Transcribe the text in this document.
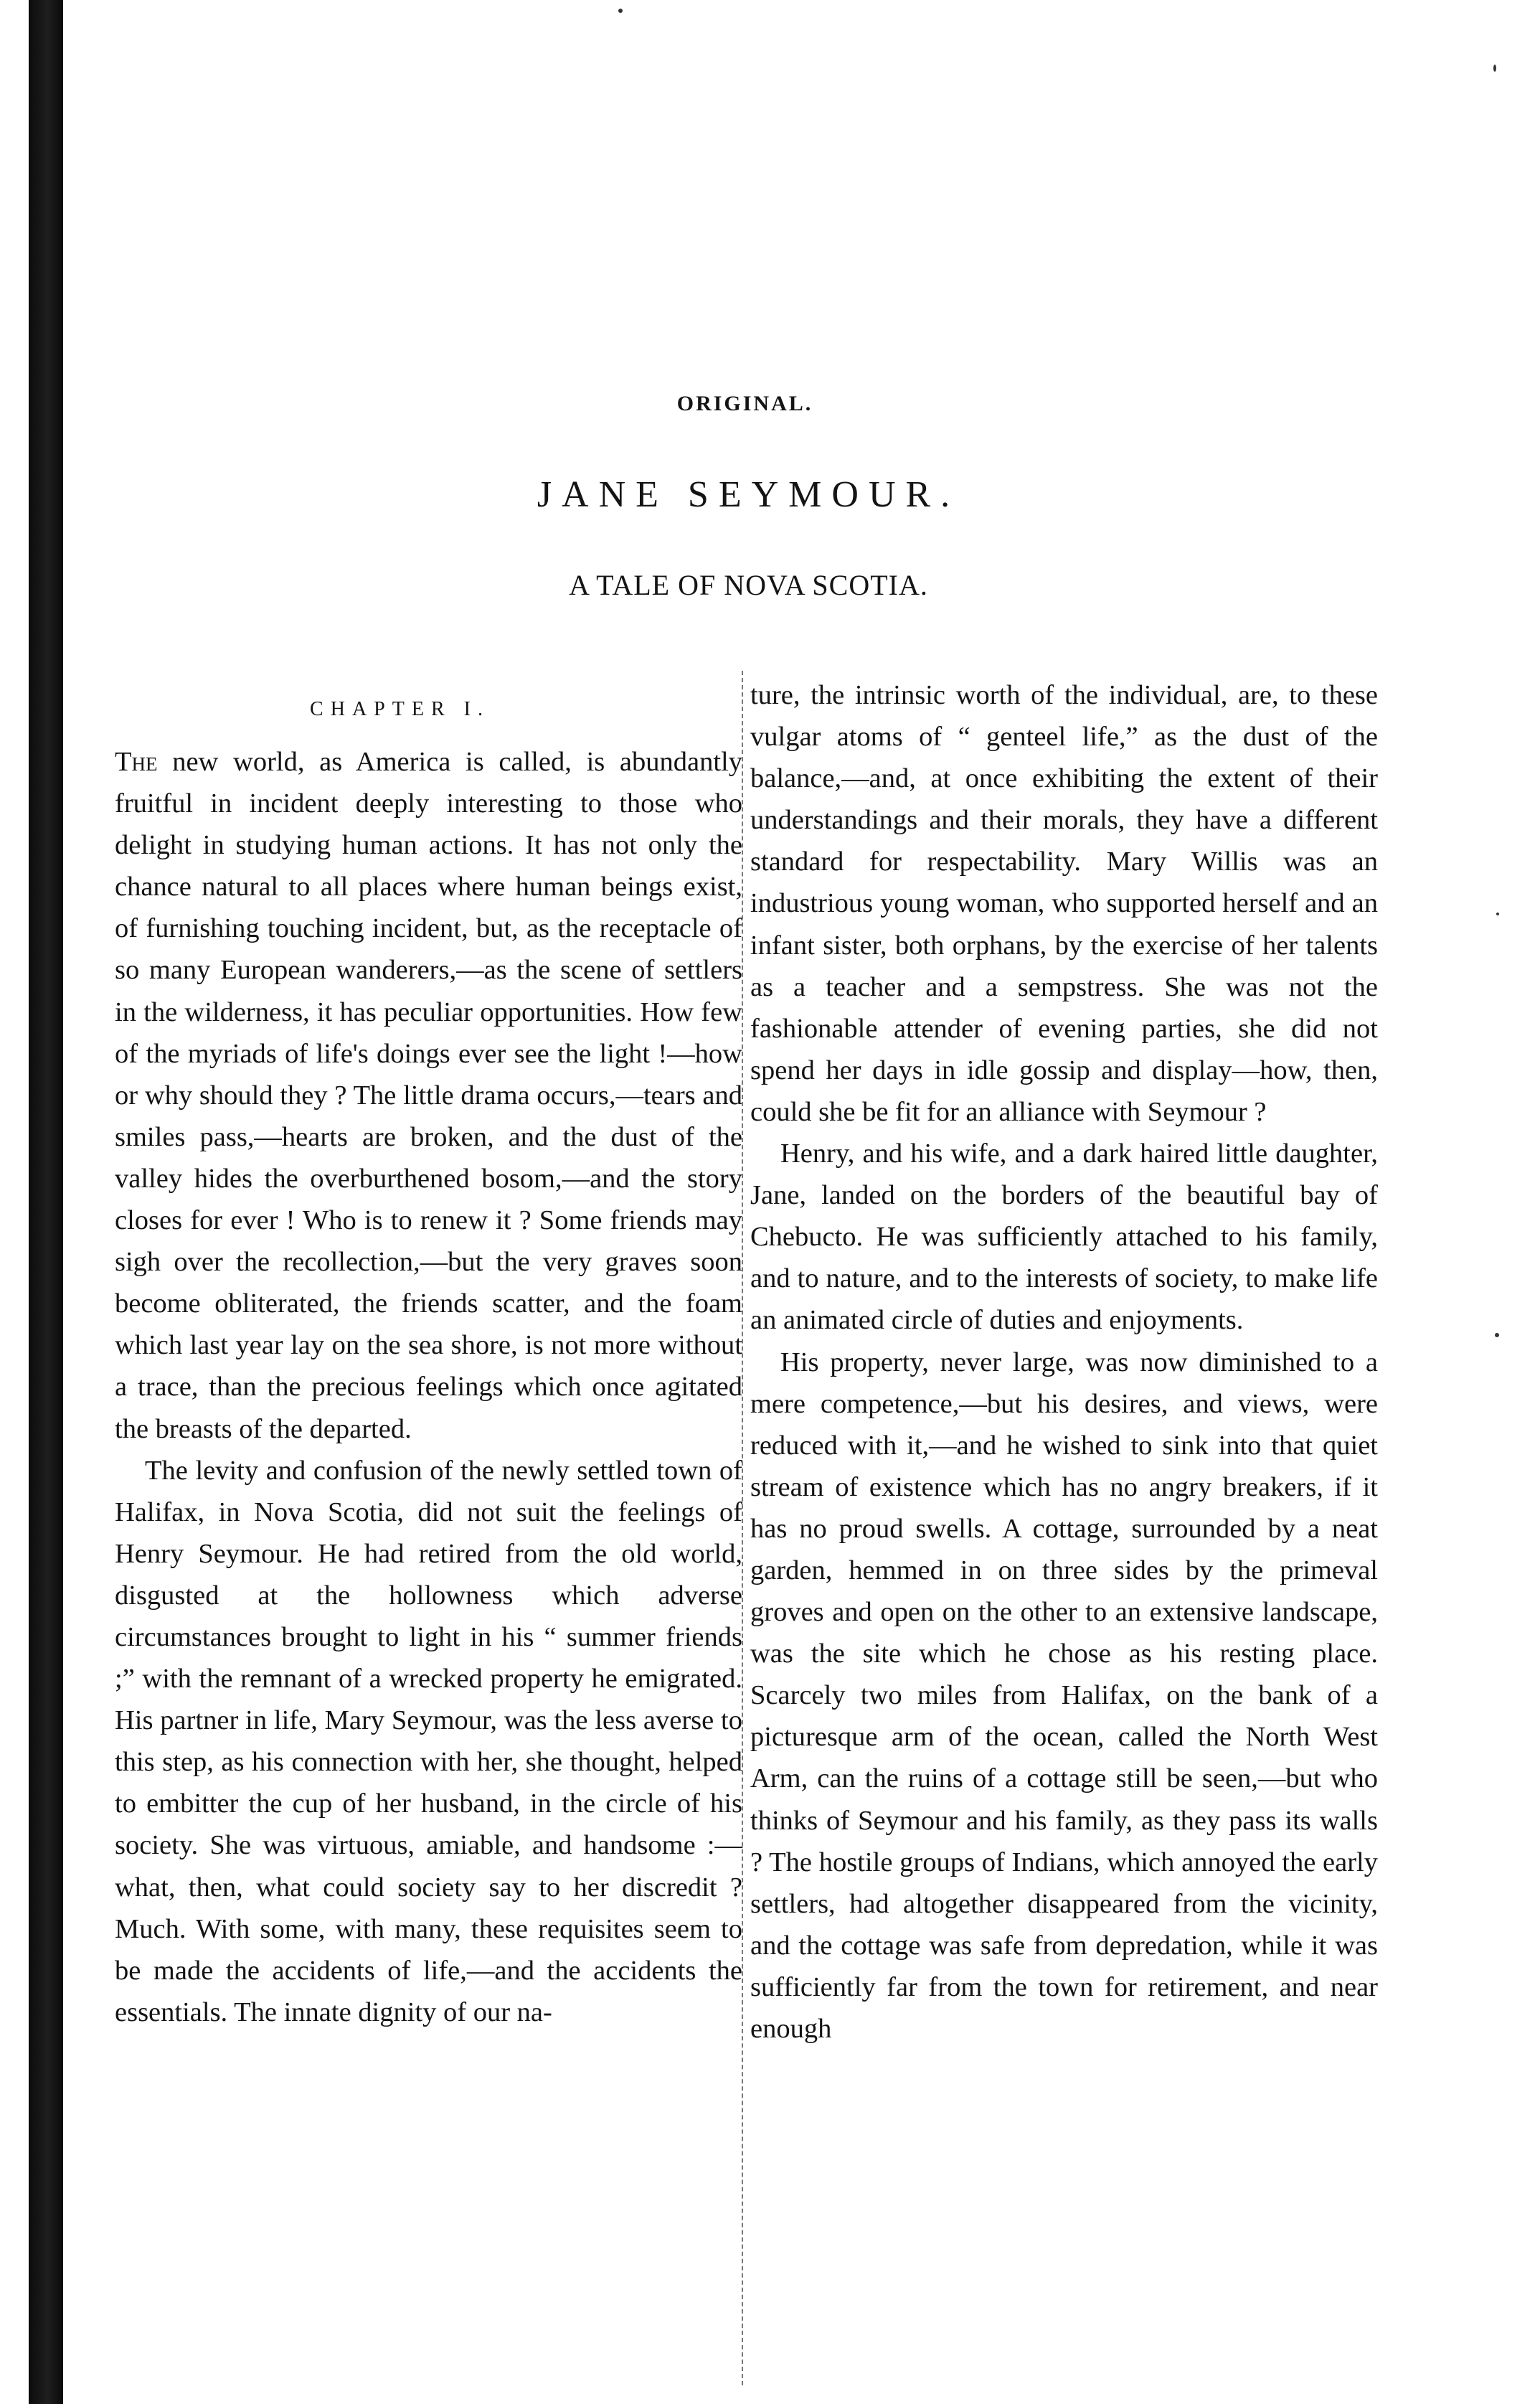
ORIGINAL.
JANE SEYMOUR.
A TALE OF NOVA SCOTIA.
CHAPTER I.

The new world, as America is called, is abundantly fruitful in incident deeply interesting to those who delight in studying human actions. It has not only the chance natural to all places where human beings exist, of furnishing touching incident, but, as the receptacle of so many European wanderers,—as the scene of settlers in the wilderness, it has peculiar opportunities. How few of the myriads of life's doings ever see the light !—how or why should they ? The little drama occurs,—tears and smiles pass,—hearts are broken, and the dust of the valley hides the overburthened bosom,—and the story closes for ever ! Who is to renew it ? Some friends may sigh over the recollection,—but the very graves soon become obliterated, the friends scatter, and the foam which last year lay on the sea shore, is not more without a trace, than the precious feelings which once agitated the breasts of the departed.

The levity and confusion of the newly settled town of Halifax, in Nova Scotia, did not suit the feelings of Henry Seymour. He had retired from the old world, disgusted at the hollowness which adverse circumstances brought to light in his “ summer friends ;” with the remnant of a wrecked property he emigrated. His partner in life, Mary Seymour, was the less averse to this step, as his connection with her, she thought, helped to embitter the cup of her husband, in the circle of his society. She was virtuous, amiable, and handsome :—what, then, what could society say to her discredit ? Much. With some, with many, these requisites seem to be made the accidents of life,—and the accidents the essentials. The innate dignity of our na-

ture, the intrinsic worth of the individual, are, to these vulgar atoms of “ genteel life,” as the dust of the balance,—and, at once exhibiting the extent of their understandings and their morals, they have a different standard for respectability. Mary Willis was an industrious young woman, who supported herself and an infant sister, both orphans, by the exercise of her talents as a teacher and a sempstress. She was not the fashionable attender of evening parties, she did not spend her days in idle gossip and display—how, then, could she be fit for an alliance with Seymour ?

Henry, and his wife, and a dark haired little daughter, Jane, landed on the borders of the beautiful bay of Chebucto. He was sufficiently attached to his family, and to nature, and to the interests of society, to make life an animated circle of duties and enjoyments.

His property, never large, was now diminished to a mere competence,—but his desires, and views, were reduced with it,—and he wished to sink into that quiet stream of existence which has no angry breakers, if it has no proud swells. A cottage, surrounded by a neat garden, hemmed in on three sides by the primeval groves and open on the other to an extensive landscape, was the site which he chose as his resting place. Scarcely two miles from Halifax, on the bank of a picturesque arm of the ocean, called the North West Arm, can the ruins of a cottage still be seen,—but who thinks of Seymour and his family, as they pass its walls ? The hostile groups of Indians, which annoyed the early settlers, had altogether disappeared from the vicinity, and the cottage was safe from depredation, while it was sufficiently far from the town for retirement, and near enough
